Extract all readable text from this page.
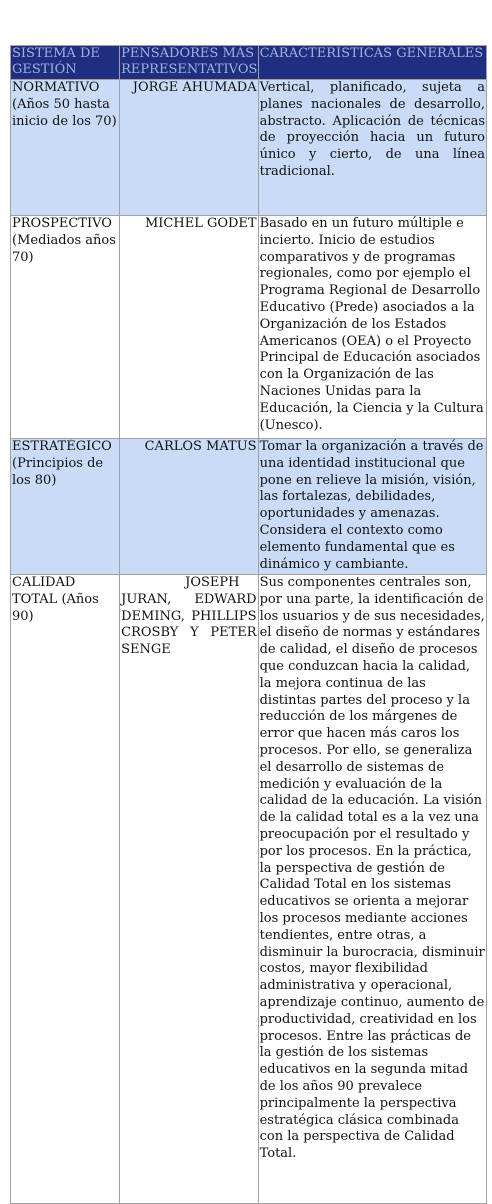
SISTEMA DE GESTIÓN	PENSADORES MÁS REPRESENTATIVOS	CARACTERÍSTICAS GENERALES
NORMATIVO (Años 50 hasta inicio de los 70)	JORGE AHUMADA	Vertical, planificado, sujeta a planes nacionales de desarrollo, abstracto. Aplicación de técnicas de proyección hacia un futuro único y cierto, de una línea tradicional.
PROSPECTIVO (Mediados años 70)	MICHEL GODET	Basado en un futuro múltiple e incierto. Inicio de estudios comparativos y de programas regionales, como por ejemplo el Programa Regional de Desarrollo Educativo (Prede) asociados a la Organización de los Estados Americanos (OEA) o el Proyecto Principal de Educación asociados con la Organización de las Naciones Unidas para la Educación, la Ciencia y la Cultura (Unesco).
ESTRATÉGICO (Principios de los 80)	CARLOS MATUS	Tomar la organización a través de una identidad institucional que pone en relieve la misión, visión, las fortalezas, debilidades, oportunidades y amenazas. Considera el contexto como elemento fundamental que es dinámico y cambiante.
CALIDAD TOTAL (Años 90)	JOSEPH JURAN, EDWARD DEMING, PHILLIPS CROSBY Y PETER SENGE	Sus componentes centrales son, por una parte, la identificación de los usuarios y de sus necesidades, el diseño de normas y estándares de calidad, el diseño de procesos que conduzcan hacia la calidad, la mejora continua de las distintas partes del proceso y la reducción de los márgenes de error que hacen más caros los procesos. Por ello, se generaliza el desarrollo de sistemas de medición y evaluación de la calidad de la educación. La visión de la calidad total es a la vez una preocupación por el resultado y por los procesos. En la práctica, la perspectiva de gestión de Calidad Total en los sistemas educativos se orienta a mejorar los procesos mediante acciones tendientes, entre otras, a disminuir la burocracia, disminuir costos, mayor flexibilidad administrativa y operacional, aprendizaje continuo, aumento de productividad, creatividad en los procesos. Entre las prácticas de la gestión de los sistemas educativos en la segunda mitad de los años 90 prevalece principalmente la perspectiva estratégica clásica combinada con la perspectiva de Calidad Total.
